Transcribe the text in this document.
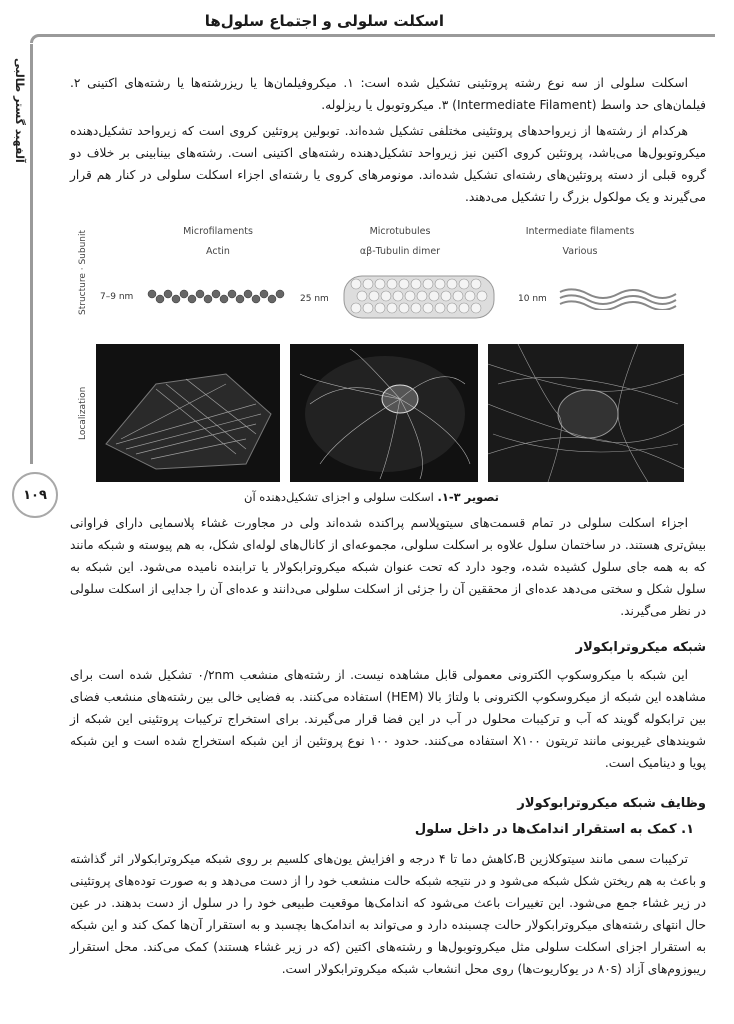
اسکلت سلولی و اجتماع سلول‌ها
آلفهبد گستر طالبی
۱۰۹

اسکلت سلولی از سه نوع رشته پروتئینی تشکیل شده است: ۱. میکروفیلمان‌ها یا ریزرشته‌ها یا رشته‌های اکتینی ۲. فیلمان‌های حد واسط (Intermediate Filament) ۳. میکروتوبول یا ریزلوله.

هرکدام از رشته‌ها از زیرواحدهای پروتئینی مختلفی تشکیل شده‌اند. توبولین پروتئین کروی است که زیرواحد تشکیل‌دهنده میکروتوبول‌ها می‌باشد، پروتئین کروی اکتین نیز زیرواحد تشکیل‌دهنده رشته‌های اکتینی است. رشته‌های بینابینی بر خلاف دو گروه قبلی از دسته پروتئین‌های رشته‌ای تشکیل شده‌اند. مونومرهای کروی یا رشته‌ای اجزاء اسکلت سلولی در کنار هم قرار می‌گیرند و یک مولکول بزرگ را تشکیل می‌دهند.

Structure · Subunit
Localization
Microfilaments
Actin
Microtubules
αβ-Tubulin dimer
Intermediate filaments
Various
7–9 nm	25 nm	10 nm
تصویر ۳-۱. اسکلت سلولی و اجزای تشکیل‌دهنده آن

اجزاء اسکلت سلولی در تمام قسمت‌های سیتوپلاسم پراکنده شده‌اند ولی در مجاورت غشاء پلاسمایی دارای فراوانی بیش‌تری هستند. در ساختمان سلول علاوه بر اسکلت سلولی، مجموعه‌ای از کانال‌های لوله‌ای شکل، به هم پیوسته و شبکه مانند که به همه جای سلول کشیده شده، وجود دارد که تحت عنوان شبکه میکروترابکولار یا ترابنده نامیده می‌شود. این شبکه به سلول شکل و سختی می‌دهد عده‌ای از محققین آن را جزئی از اسکلت سلولی می‌دانند و عده‌ای آن را جدایی از اسکلت سلولی در نظر می‌گیرند.

شبکه میکروترابکولار

این شبکه با میکروسکوپ الکترونی معمولی قابل مشاهده نیست. از رشته‌های منشعب ۰/۲nm تشکیل شده است برای مشاهده این شبکه از میکروسکوپ الکترونی با ولتاژ بالا (HEM) استفاده می‌کنند. به فضایی خالی بین رشته‌های منشعب فضای بین ترابکوله گویند که آب و ترکیبات محلول در آب در این فضا قرار می‌گیرند. برای استخراج ترکیبات پروتئینی این شبکه از شویندهای غیریونی مانند تریتون X۱۰۰ استفاده می‌کنند. حدود ۱۰۰ نوع پروتئین از این شبکه استخراج شده است و این شبکه پویا و دینامیک است.

وظایف شبکه میکروترابوکولار
۱. کمک به استقرار اندامک‌ها در داخل سلول

ترکیبات سمی مانند سیتوکلازین B،کاهش دما تا ۴ درجه و افزایش یون‌های کلسیم بر روی شبکه میکروترابکولار اثر گذاشته و باعث به هم ریختن شکل شبکه می‌شود و در نتیجه شبکه حالت منشعب خود را از دست می‌دهد و به صورت توده‌های پروتئینی در زیر غشاء جمع می‌شود. این تغییرات باعث می‌شود که اندامک‌ها موقعیت طبیعی خود را در سلول از دست بدهند. در عین حال انتهای رشته‌های میکروترابکولار حالت چسبنده دارد و می‌تواند به اندامک‌ها بچسبد و به استقرار آن‌ها کمک کند و این شبکه به استقرار اجزای اسکلت سلولی مثل میکروتوبول‌ها و رشته‌های اکتین (که در زیر غشاء هستند) کمک می‌کند. محل استقرار ریبوزوم‌های آزاد (۸۰s در یوکاریوت‌ها) روی محل انشعاب شبکه میکروترابکولار است.
